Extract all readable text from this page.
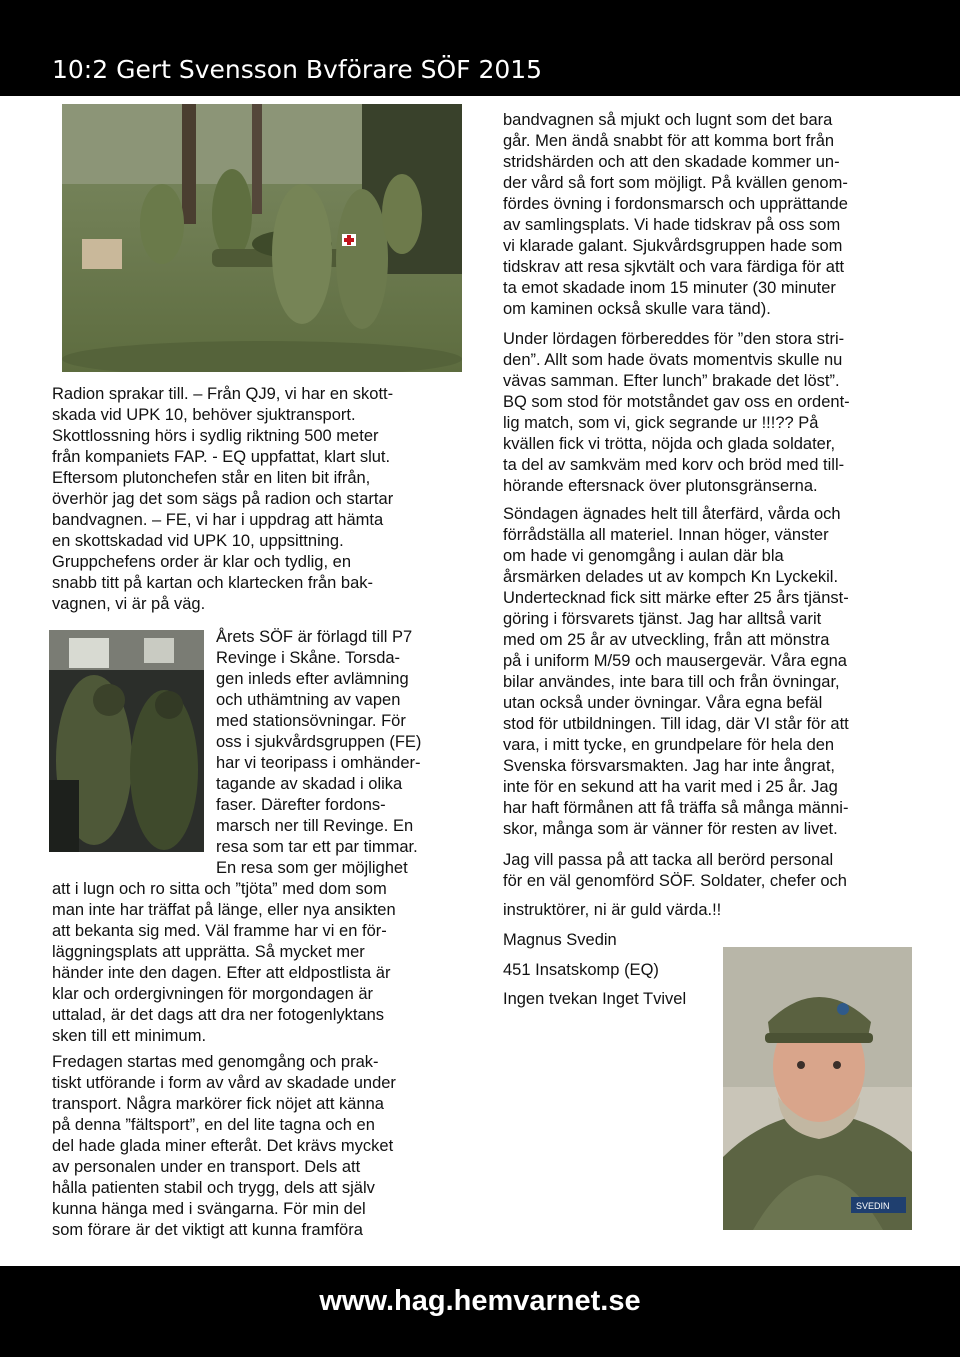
10:2 Gert Svensson Bvförare SÖF 2015
Radion sprakar till. – Från QJ9, vi har en skott-
skada vid UPK 10, behöver sjuktransport.
Skottlossning hörs i sydlig riktning 500 meter
från kompaniets FAP. - EQ uppfattat, klart slut.
Eftersom plutonchefen står en liten bit ifrån,
överhör jag det som sägs på radion och startar
bandvagnen. – FE, vi har i uppdrag att hämta
en skottskadad vid UPK 10, uppsittning.
Gruppchefens order är klar och tydlig, en
snabb titt på kartan och klartecken från bak-
vagnen, vi är på väg.
Årets SÖF är förlagd till P7
Revinge i Skåne. Torsda-
gen inleds efter avlämning
och uthämtning av vapen
med stationsövningar. För
oss i sjukvårdsgruppen (FE)
har vi teoripass i omhänder-
tagande av skadad i olika
faser. Därefter fordons-
marsch ner till Revinge. En
resa som tar ett par timmar.
En resa som ger möjlighet
att i lugn och ro sitta och ”tjöta” med dom som
man inte har träffat på länge, eller nya ansikten
att bekanta sig med. Väl framme har vi en för-
läggningsplats att upprätta. Så mycket mer
händer inte den dagen. Efter att eldpostlista är
klar och ordergivningen för morgondagen är
uttalad, är det dags att dra ner fotogenlyktans
sken till ett minimum.
Fredagen startas med genomgång och prak-
tiskt utförande i form av vård av skadade under
transport. Några markörer fick nöjet att känna
på denna ”fältsport”, en del lite tagna och en
del hade glada miner efteråt. Det krävs mycket
av personalen under en transport. Dels att
hålla patienten stabil och trygg, dels att själv
kunna hänga med i svängarna. För min del
som förare är det viktigt att kunna framföra
bandvagnen så mjukt och lugnt som det bara
går. Men ändå snabbt för att komma bort från
stridshärden och att den skadade kommer un-
der vård så fort som möjligt. På kvällen genom-
fördes övning i fordonsmarsch och upprättande
av samlingsplats. Vi hade tidskrav på oss som
vi klarade galant. Sjukvårdsgruppen hade som
tidskrav att resa sjkvtält och vara färdiga för att
ta emot skadade inom 15 minuter (30 minuter
om kaminen också skulle vara tänd).
Under lördagen förbereddes för ”den stora stri-
den”. Allt som hade övats momentvis skulle nu
vävas samman. Efter lunch” brakade det löst”.
BQ som stod för motståndet gav oss en ordent-
lig match, som vi, gick segrande ur !!!?? På
kvällen fick vi trötta, nöjda och glada soldater,
ta del av samkväm med korv och bröd med till-
hörande eftersnack över plutonsgränserna.
Söndagen ägnades helt till återfärd, vårda och
förrådställa all materiel. Innan höger, vänster
om hade vi genomgång i aulan där bla
årsmärken delades ut av kompch Kn Lyckekil.
Undertecknad fick sitt märke efter 25 års tjänst-
göring i försvarets tjänst. Jag har alltså varit
med om 25 år av utveckling, från att mönstra
på i uniform M/59 och mausergevär. Våra egna
bilar användes, inte bara till och från övningar,
utan också under övningar. Våra egna befäl
stod för utbildningen. Till idag, där VI står för att
vara, i mitt tycke, en grundpelare för hela den
Svenska försvarsmakten. Jag har inte ångrat,
inte för en sekund att ha varit med i 25 år. Jag
har haft förmånen att få träffa så många männi-
skor, många som är vänner för resten av livet.
Jag vill passa på att tacka all berörd personal
för en väl genomförd SÖF. Soldater, chefer och
instruktörer, ni är guld värda.!!
Magnus Svedin
451 Insatskomp (EQ)
Ingen tvekan Inget Tvivel
SVEDIN
www.hag.hemvarnet.se
